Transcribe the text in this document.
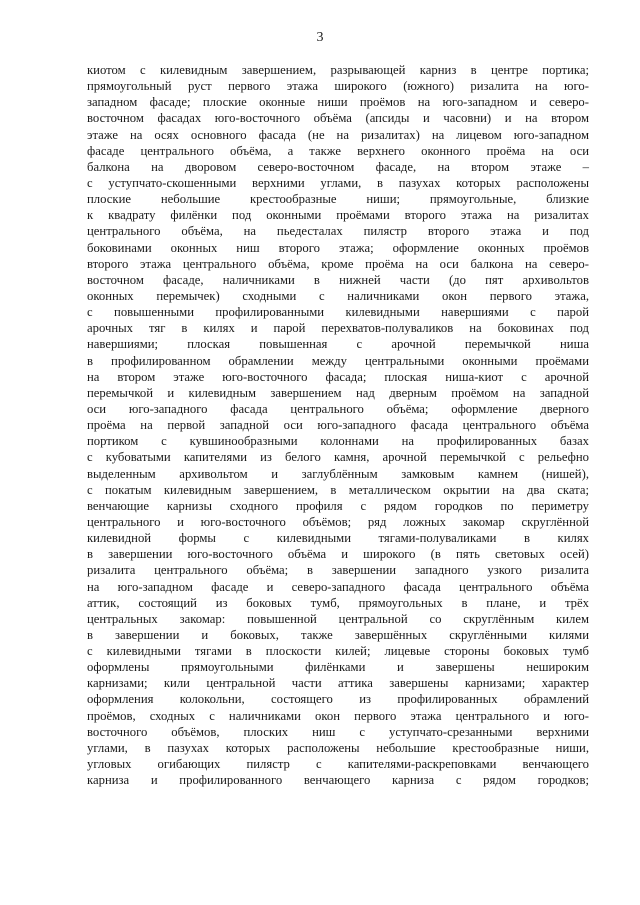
3
киотом с килевидным завершением, разрывающей карниз в центре портика;
прямоугольный руст первого этажа широкого (южного) ризалита на юго-
западном фасаде; плоские оконные ниши проёмов на юго-западном и северо-
восточном фасадах юго-восточного объёма (апсиды и часовни) и на втором
этаже на осях основного фасада (не на ризалитах) на лицевом юго-западном
фасаде центрального объёма, а также верхнего оконного проёма на оси
балкона на дворовом северо-восточном фасаде, на втором этаже –
с уступчато-скошенными верхними углами, в пазухах которых расположены
плоские небольшие крестообразные ниши; прямоугольные, близкие
к квадрату филёнки под оконными проёмами второго этажа на ризалитах
центрального объёма, на пьедесталах пилястр второго этажа и под
боковинами оконных ниш второго этажа; оформление оконных проёмов
второго этажа центрального объёма, кроме проёма на оси балкона на северо-
восточном фасаде, наличниками в нижней части (до пят архивольтов
оконных перемычек) сходными с наличниками окон первого этажа,
с повышенными профилированными килевидными навершиями с парой
арочных тяг в килях и парой перехватов-полуваликов на боковинах под
навершиями; плоская повышенная с арочной перемычкой ниша
в профилированном обрамлении между центральными оконными проёмами
на втором этаже юго-восточного фасада; плоская ниша-киот с арочной
перемычкой и килевидным завершением над дверным проёмом на западной
оси юго-западного фасада центрального объёма; оформление дверного
проёма на первой западной оси юго-западного фасада центрального объёма
портиком с кувшинообразными колоннами на профилированных базах
с кубоватыми капителями из белого камня, арочной перемычкой с рельефно
выделенным архивольтом и заглублённым замковым камнем (нишей),
с покатым килевидным завершением, в металлическом окрытии на два ската;
венчающие карнизы сходного профиля с рядом городков по периметру
центрального и юго-восточного объёмов; ряд ложных закомар скруглённой
килевидной формы с килевидными тягами-полуваликами в килях
в завершении юго-восточного объёма и широкого (в пять световых осей)
ризалита центрального объёма; в завершении западного узкого ризалита
на юго-западном фасаде и северо-западного фасада центрального объёма
аттик, состоящий из боковых тумб, прямоугольных в плане, и трёх
центральных закомар: повышенной центральной со скруглённым килем
в завершении и боковых, также завершённых скруглёнными килями
с килевидными тягами в плоскости килей; лицевые стороны боковых тумб
оформлены прямоугольными филёнками и завершены нешироким
карнизами; кили центральной части аттика завершены карнизами; характер
оформления колокольни, состоящего из профилированных обрамлений
проёмов, сходных с наличниками окон первого этажа центрального и юго-
восточного объёмов, плоских ниш с уступчато-срезанными верхними
углами, в пазухах которых расположены небольшие крестообразные ниши,
угловых огибающих пилястр с капителями-раскреповками венчающего
карниза и профилированного венчающего карниза с рядом городков;
